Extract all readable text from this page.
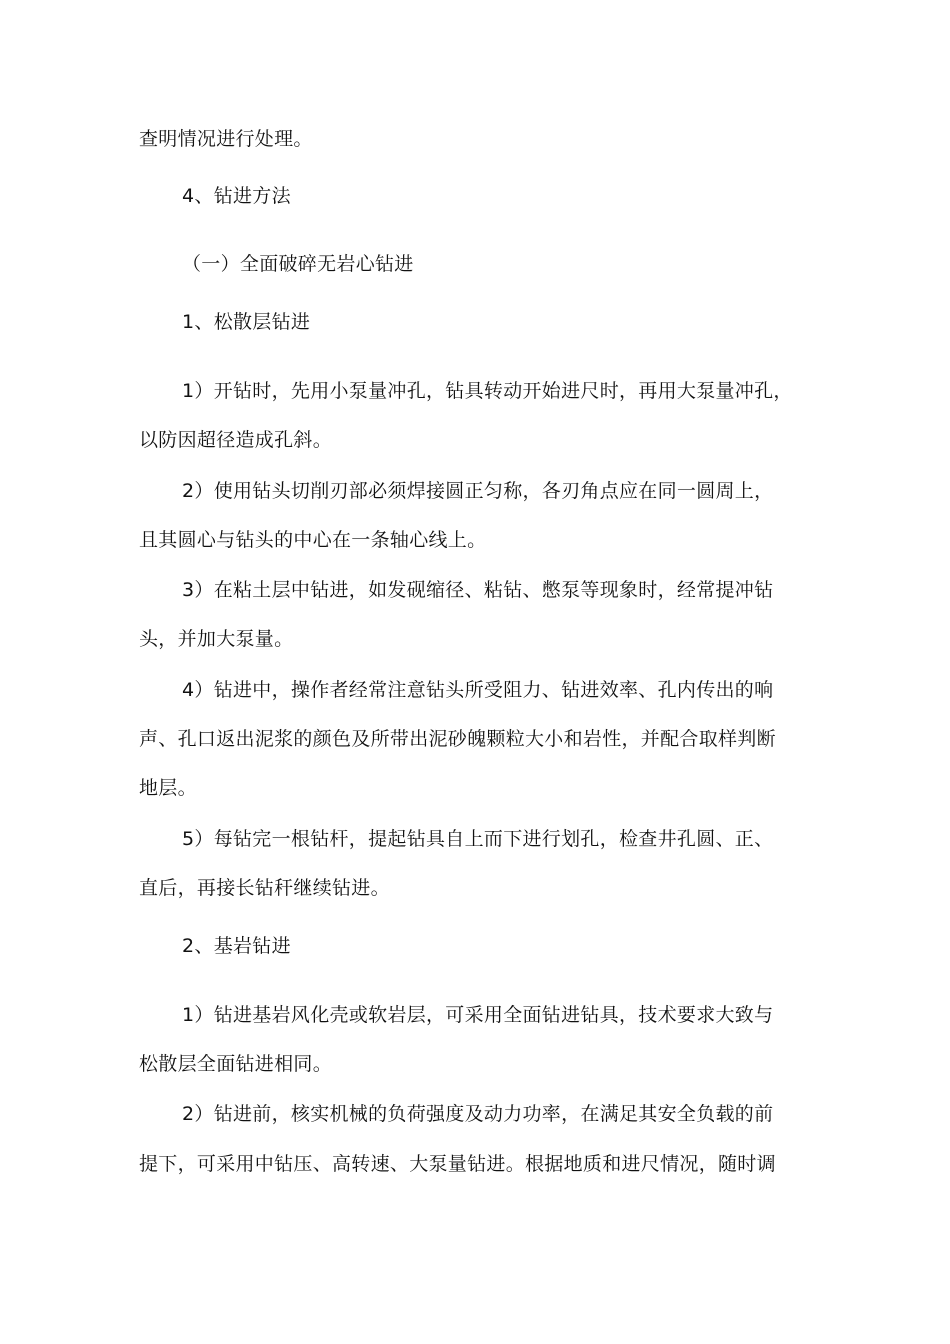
查明情况进行处理。
4、钻进方法
（一）全面破碎无岩心钻进
1、松散层钻进
1）开钻时，先用小泵量冲孔，钻具转动开始进尺时，再用大泵量冲孔，
以防因超径造成孔斜。
2）使用钻头切削刃部必须焊接圆正匀称，各刃角点应在同一圆周上，
且其圆心与钻头的中心在一条轴心线上。
3）在粘土层中钻进，如发砚缩径、粘钻、憋泵等现象时，经常提冲钻
头，并加大泵量。
4）钻进中，操作者经常注意钻头所受阻力、钻进效率、孔内传出的响
声、孔口返出泥浆的颜色及所带出泥砂魄颗粒大小和岩性，并配合取样判断
地层。
5）每钻完一根钻杆，提起钻具自上而下进行划孔，检查井孔圆、正、
直后，再接长钻秆继续钻进。
2、基岩钻进
1）钻进基岩风化壳或软岩层，可采用全面钻进钻具，技术要求大致与
松散层全面钻进相同。
2）钻进前，核实机械的负荷强度及动力功率，在满足其安全负载的前
提下，可采用中钻压、高转速、大泵量钻进。根据地质和进尺情况，随时调
